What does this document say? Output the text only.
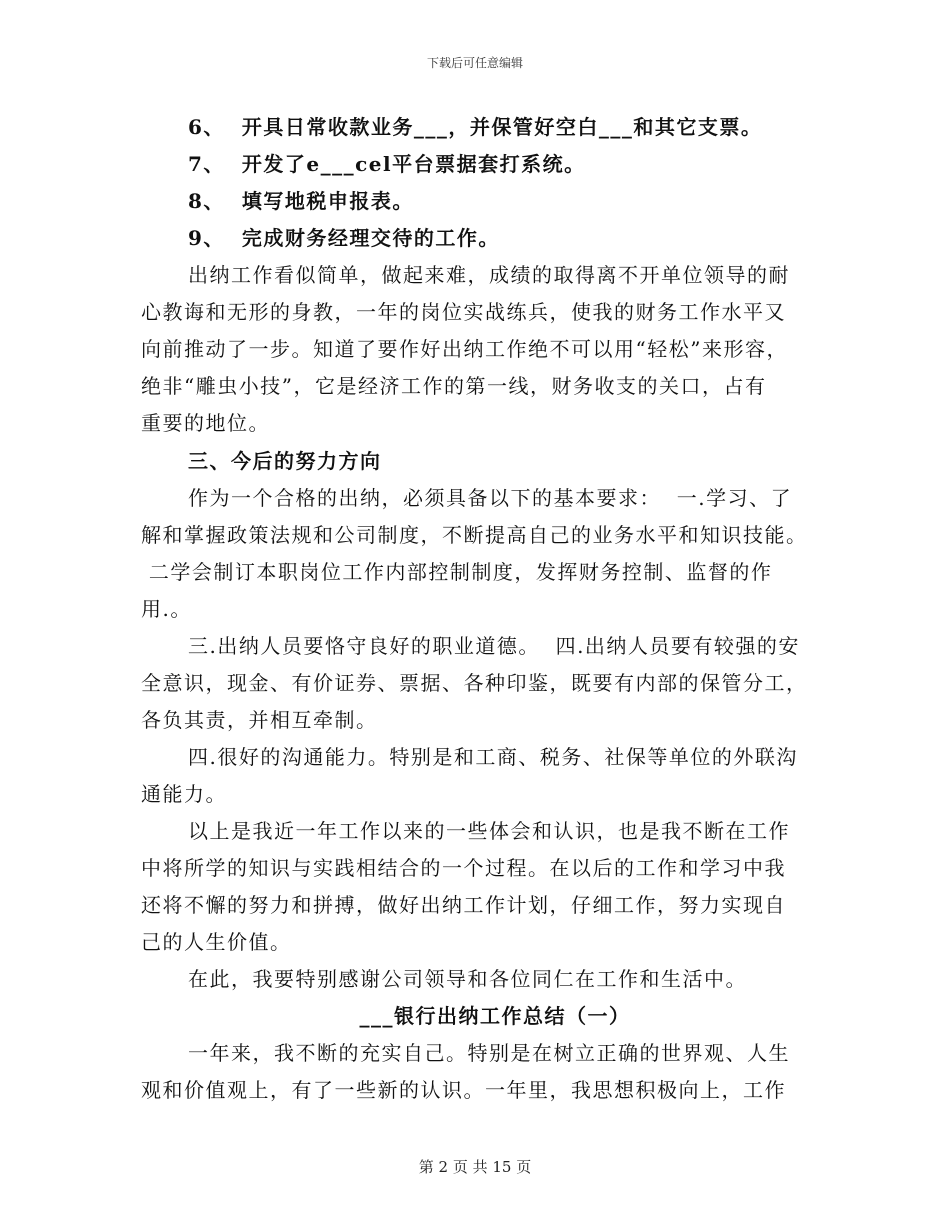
下载后可任意编辑
6、  开具日常收款业务___，并保管好空白___和其它支票。
7、  开发了e___cel平台票据套打系统。
8、  填写地税申报表。
9、  完成财务经理交待的工作。
出纳工作看似简单，做起来难，成绩的取得离不开单位领导的耐
心教诲和无形的身教，一年的岗位实战练兵，使我的财务工作水平又
向前推动了一步。知道了要作好出纳工作绝不可以用“轻松”来形容，
绝非“雕虫小技”，它是经济工作的第一线，财务收支的关口，占有
重要的地位。
三、今后的努力方向
作为一个合格的出纳，必须具备以下的基本要求：  一.学习、了
解和掌握政策法规和公司制度，不断提高自己的业务水平和知识技能。
二学会制订本职岗位工作内部控制制度，发挥财务控制、监督的作
用.。
三.出纳人员要恪守良好的职业道德。  四.出纳人员要有较强的安
全意识，现金、有价证券、票据、各种印鉴，既要有内部的保管分工，
各负其责，并相互牵制。
四.很好的沟通能力。特别是和工商、税务、社保等单位的外联沟
通能力。
以上是我近一年工作以来的一些体会和认识，也是我不断在工作
中将所学的知识与实践相结合的一个过程。在以后的工作和学习中我
还将不懈的努力和拼搏，做好出纳工作计划，仔细工作，努力实现自
己的人生价值。
在此，我要特别感谢公司领导和各位同仁在工作和生活中。
___银行出纳工作总结（一）
一年来，我不断的充实自己。特别是在树立正确的世界观、人生
观和价值观上，有了一些新的认识。一年里，我思想积极向上，工作
第 2 页 共 15 页
